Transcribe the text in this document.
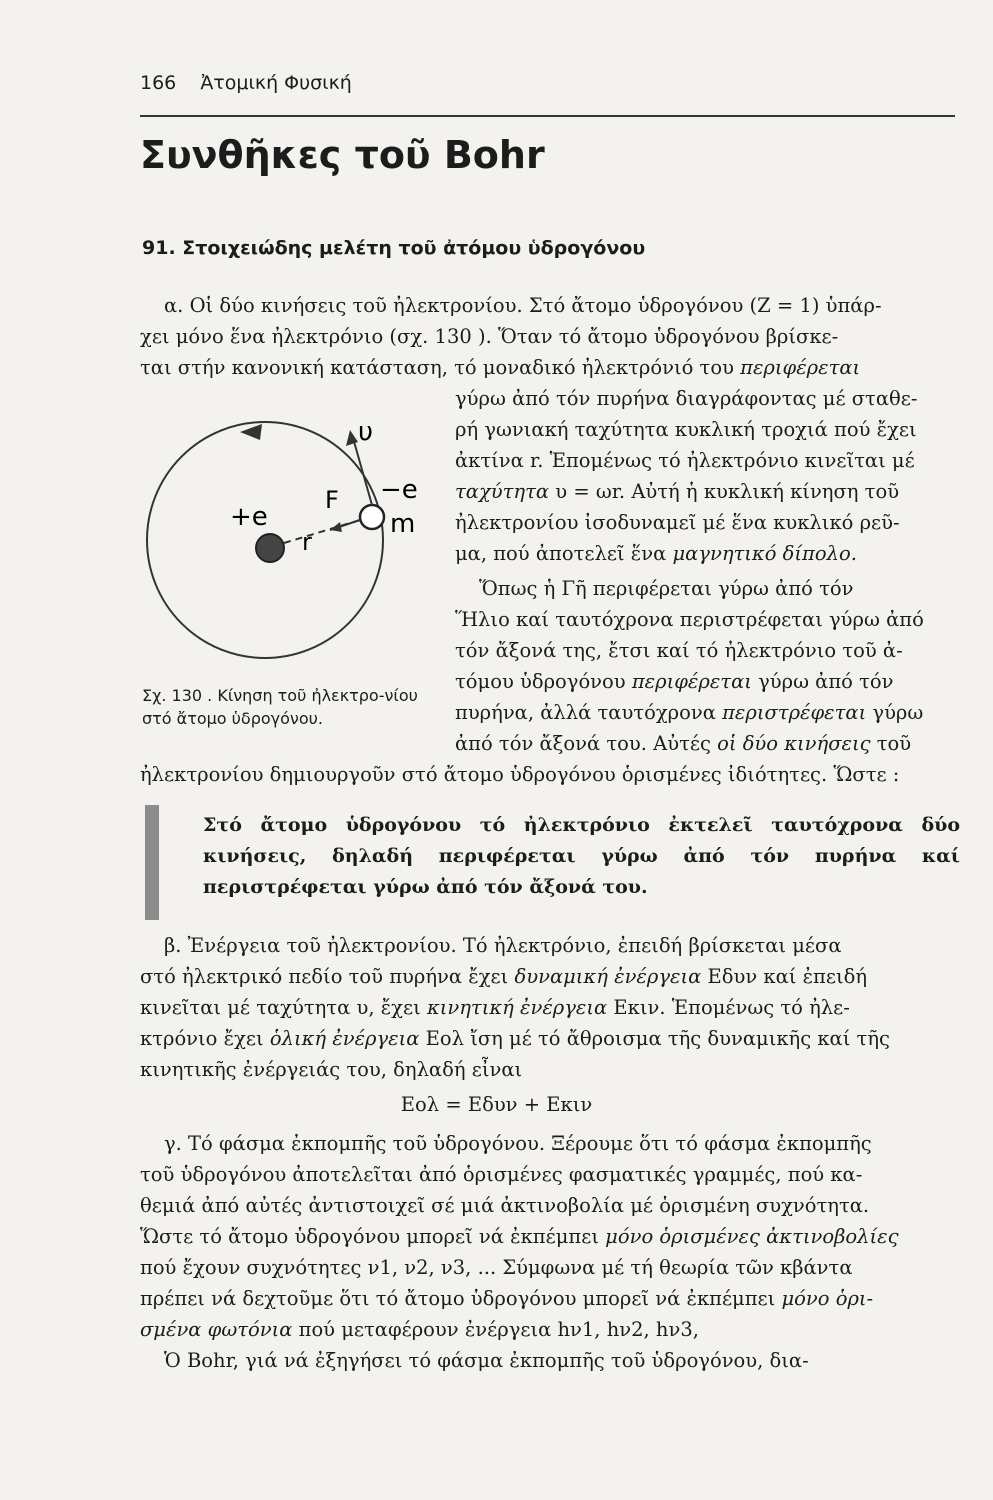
166 Ἀτομική Φυσική
Συνθῆκες τοῦ Bohr
91. Στοιχειώδης μελέτη τοῦ ἀτόμου ὑδρογόνου
α. Οἱ δύο κινήσεις τοῦ ἠλεκτρονίου. Στό ἄτομο ὑδρογόνου (Z = 1) ὑπάρ-
χει μόνο ἕνα ἠλεκτρόνιο (σχ. 130 ). Ὅταν τό ἄτομο ὑδρογόνου βρίσκε-
ται στήν κανονική κατάσταση, τό μοναδικό ἠλεκτρόνιό του περιφέρεται
γύρω ἀπό τόν πυρήνα διαγράφοντας μέ σταθε-
ρή γωνιακή ταχύτητα κυκλική τροχιά πού ἔχει
ἀκτίνα r. Ἑπομένως τό ἠλεκτρόνιο κινεῖται μέ
ταχύτητα υ = ωr. Αὐτή ἡ κυκλική κίνηση τοῦ
ἠλεκτρονίου ἰσοδυναμεῖ μέ ἕνα κυκλικό ρεῦ-
μα, πού ἀποτελεῖ ἕνα μαγνητικό δίπολο.
Ὅπως ἡ Γῆ περιφέρεται γύρω ἀπό τόν
Ἥλιο καί ταυτόχρονα περιστρέφεται γύρω ἀπό
τόν ἄξονά της, ἔτσι καί τό ἠλεκτρόνιο τοῦ ἀ-
τόμου ὑδρογόνου περιφέρεται γύρω ἀπό τόν
πυρήνα, ἀλλά ταυτόχρονα περιστρέφεται γύρω
ἀπό τόν ἄξονά του. Αὐτές οἱ δύο κινήσεις τοῦ
ἠλεκτρονίου δημιουργοῦν στό ἄτομο ὑδρογόνου ὁρισμένες ἰδιότητες. Ὥστε :
+e
−e
F
r
m
υ
Σχ. 130 . Κίνηση τοῦ ἠλεκτρο-νίου στό ἄτομο ὑδρογόνου.
Στό ἄτομο ὑδρογόνου τό ἠλεκτρόνιο ἐκτελεῖ ταυτόχρονα δύο κινήσεις, δηλαδή περιφέρεται γύρω ἀπό τόν πυρήνα καί περιστρέφεται γύρω ἀπό τόν ἄξονά του.
β. Ἐνέργεια τοῦ ἠλεκτρονίου. Τό ἠλεκτρόνιο, ἐπειδή βρίσκεται μέσα
στό ἠλεκτρικό πεδίο τοῦ πυρήνα ἔχει δυναμική ἐνέργεια Eδυν καί ἐπειδή
κινεῖται μέ ταχύτητα υ, ἔχει κινητική ἐνέργεια Eκιν. Ἑπομένως τό ἠλε-
κτρόνιο ἔχει ὁλική ἐνέργεια Eολ ἴση μέ τό ἄθροισμα τῆς δυναμικῆς καί τῆς
κινητικῆς ἐνέργειάς του, δηλαδή εἶναι
Eολ = Eδυν + Eκιν
γ. Τό φάσμα ἐκπομπῆς τοῦ ὑδρογόνου. Ξέρουμε ὅτι τό φάσμα ἐκπομπῆς
τοῦ ὑδρογόνου ἀποτελεῖται ἀπό ὁρισμένες φασματικές γραμμές, πού κα-
θεμιά ἀπό αὐτές ἀντιστοιχεῖ σέ μιά ἀκτινοβολία μέ ὁρισμένη συχνότητα.
Ὥστε τό ἄτομο ὑδρογόνου μπορεῖ νά ἐκπέμπει μόνο ὁρισμένες ἀκτινοβολίες
πού ἔχουν συχνότητες ν1, ν2, ν3, ... Σύμφωνα μέ τή θεωρία τῶν κβάντα
πρέπει νά δεχτοῦμε ὅτι τό ἄτομο ὑδρογόνου μπορεῖ νά ἐκπέμπει μόνο ὁρι-
σμένα φωτόνια πού μεταφέρουν ἐνέργεια hν1, hν2, hν3,
Ὁ Bohr, γιά νά ἐξηγήσει τό φάσμα ἐκπομπῆς τοῦ ὑδρογόνου, δια-
